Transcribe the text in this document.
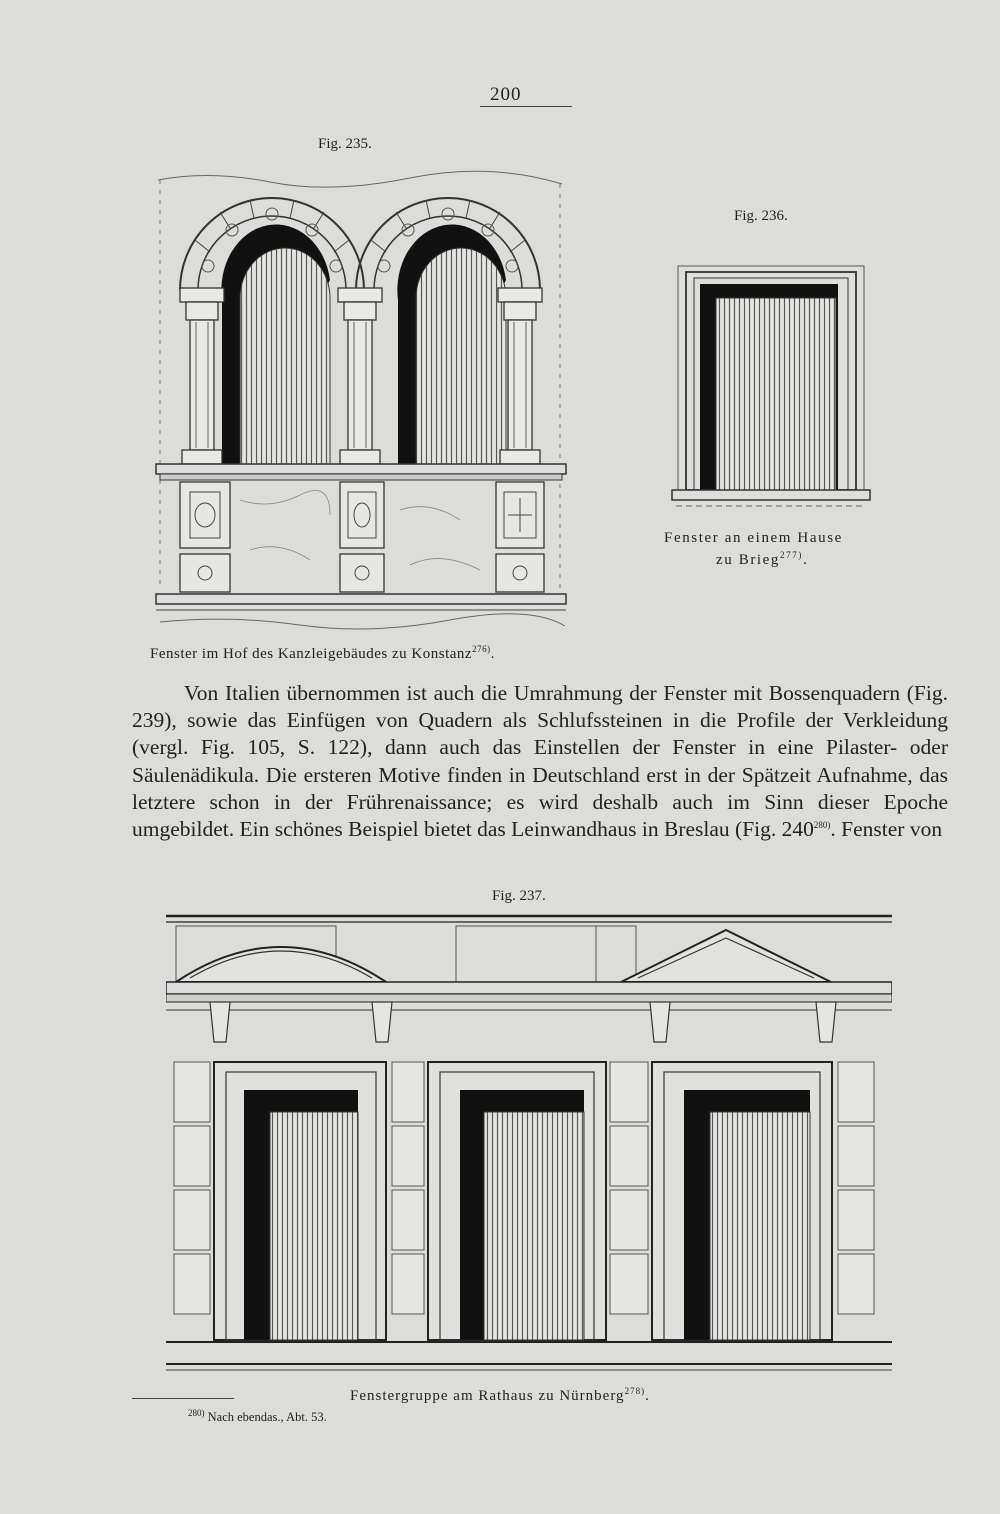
200
Fig. 235.
Fenster im Hof des Kanzleigebäudes zu Konstanz$^{276)}$.
Fig. 236.
Fenster an einem Hause
zu Brieg$^{277)}$.
Von Italien übernommen ist auch die Umrahmung der Fenster mit Bossenquadern (Fig. 239), sowie das Einfügen von Quadern als Schlufssteinen in die Profile der Verkleidung (vergl. Fig. 105, S. 122), dann auch das Einstellen der Fenster in eine Pilaster- oder Säulenädikula. Die ersteren Motive finden in Deutschland erst in der Spätzeit Aufnahme, das letztere schon in der Frührenaissance; es wird deshalb auch im Sinn dieser Epoche umgebildet. Ein schönes Beispiel bietet das Leinwandhaus in Breslau (Fig. 240$^{280)}$. Fenster von
Fig. 237.
Fenstergruppe am Rathaus zu Nürnberg$^{278)}$.
$^{280)}$ Nach ebendas., Abt. 53.
